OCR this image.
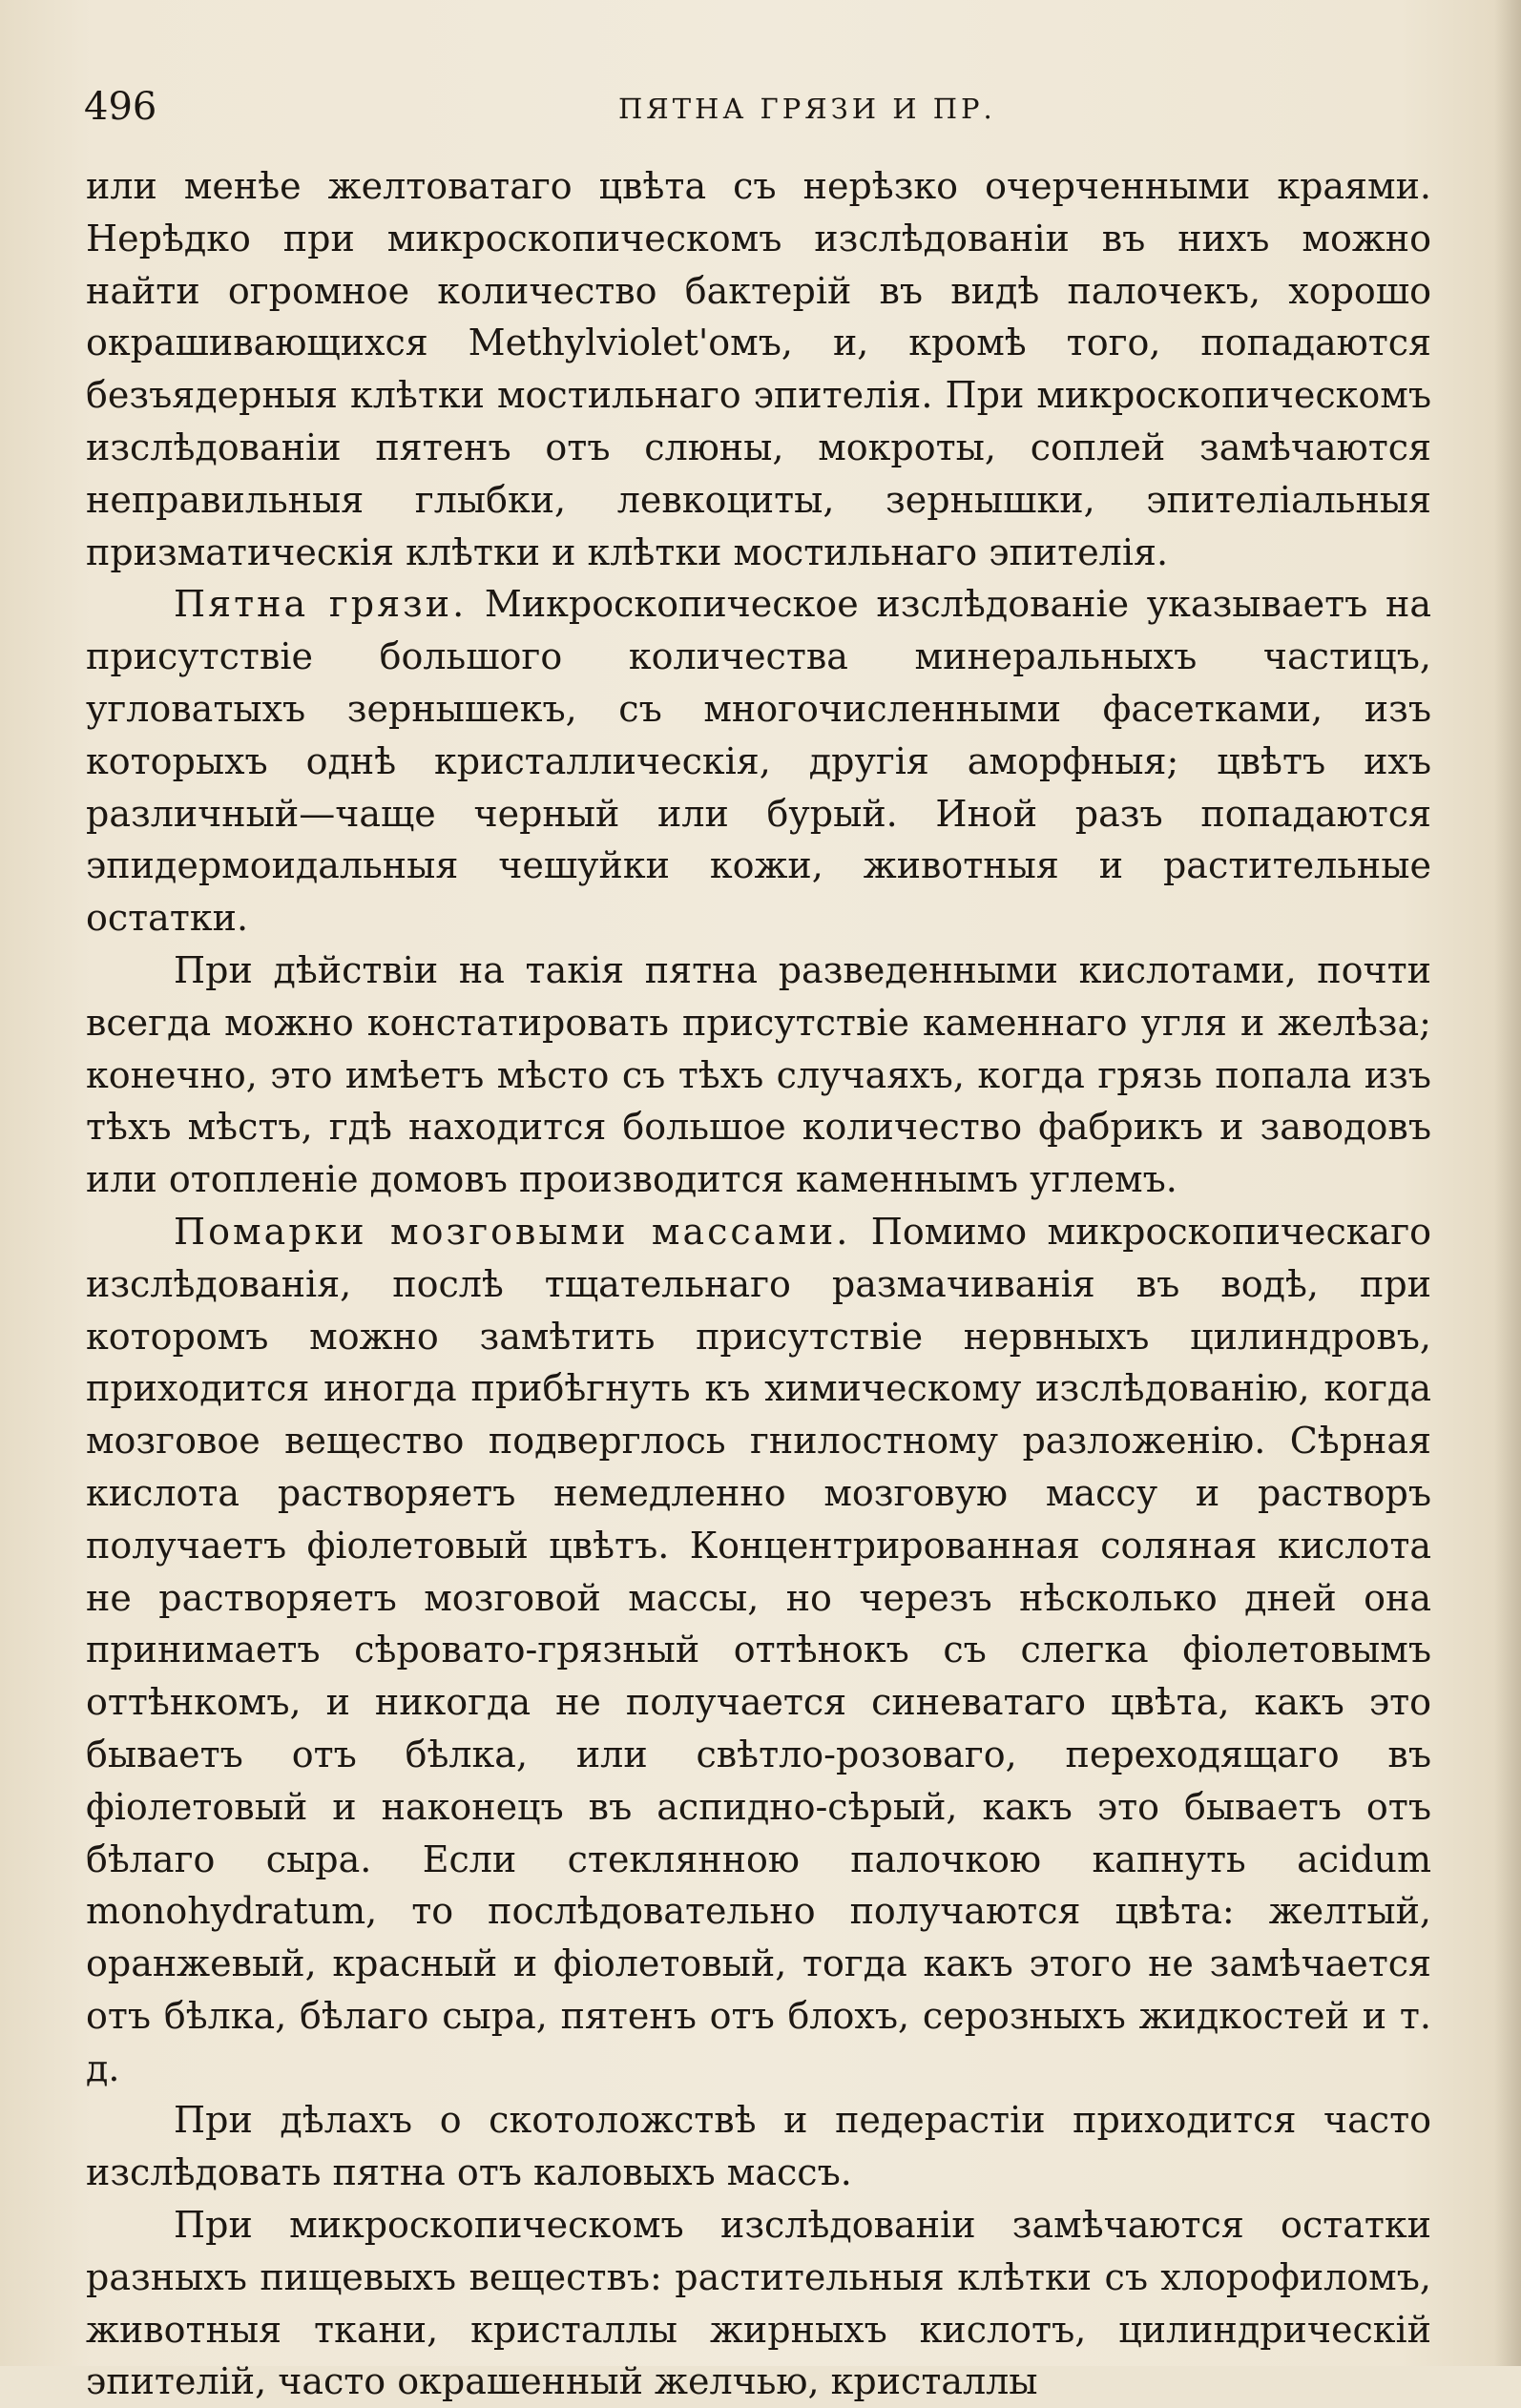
496	ПЯТНА ГРЯЗИ И ПР.

или менѣе желтоватаго цвѣта съ нерѣзко очерченными краями. Нерѣдко при микроскопическомъ изслѣдованіи въ нихъ можно найти огромное количество бактерій въ видѣ палочекъ, хорошо окрашивающихся Methylviolet'омъ, и, кромѣ того, попадаются безъядерныя клѣтки мостильнаго эпителія. При микроскопическомъ изслѣдованіи пятенъ отъ слюны, мокроты, соплей замѣчаются неправильныя глыбки, левкоциты, зернышки, эпителіальныя призматическія клѣтки и клѣтки мостильнаго эпителія.

Пятна грязи. Микроскопическое изслѣдованіе указываетъ на присутствіе большого количества минеральныхъ частицъ, угловатыхъ зернышекъ, съ многочисленными фасетками, изъ которыхъ однѣ кристаллическія, другія аморфныя; цвѣтъ ихъ различный—чаще черный или бурый. Иной разъ попадаются эпидермоидальныя чешуйки кожи, животныя и растительные остатки.

При дѣйствіи на такія пятна разведенными кислотами, почти всегда можно констатировать присутствіе каменнаго угля и желѣза; конечно, это имѣетъ мѣсто съ тѣхъ случаяхъ, когда грязь попала изъ тѣхъ мѣстъ, гдѣ находится большое количество фабрикъ и заводовъ или отопленіе домовъ производится каменнымъ углемъ.

Помарки мозговыми массами. Помимо микроскопическаго изслѣдованія, послѣ тщательнаго размачиванія въ водѣ, при которомъ можно замѣтить присутствіе нервныхъ цилиндровъ, приходится иногда прибѣгнуть къ химическому изслѣдованію, когда мозговое вещество подверглось гнилостному разложенію. Сѣрная кислота растворяетъ немедленно мозговую массу и растворъ получаетъ фіолетовый цвѣтъ. Концентрированная соляная кислота не растворяетъ мозговой массы, но черезъ нѣсколько дней она принимаетъ сѣровато-грязный оттѣнокъ съ слегка фіолетовымъ оттѣнкомъ, и никогда не получается синеватаго цвѣта, какъ это бываетъ отъ бѣлка, или свѣтло-розоваго, переходящаго въ фіолетовый и наконецъ въ аспидно-сѣрый, какъ это бываетъ отъ бѣлаго сыра. Если стеклянною палочкою капнуть acidum monohydratum, то послѣдовательно получаются цвѣта: желтый, оранжевый, красный и фіолетовый, тогда какъ этого не замѣчается отъ бѣлка, бѣлаго сыра, пятенъ отъ блохъ, серозныхъ жидкостей и т. д.

При дѣлахъ о скотоложствѣ и педерастіи приходится часто изслѣдовать пятна отъ каловыхъ массъ.

При микроскопическомъ изслѣдованіи замѣчаются остатки разныхъ пищевыхъ веществъ: растительныя клѣтки съ хлорофиломъ, животныя ткани, кристаллы жирныхъ кислотъ, цилиндрическій эпителій, часто окрашенный желчью, кристаллы
